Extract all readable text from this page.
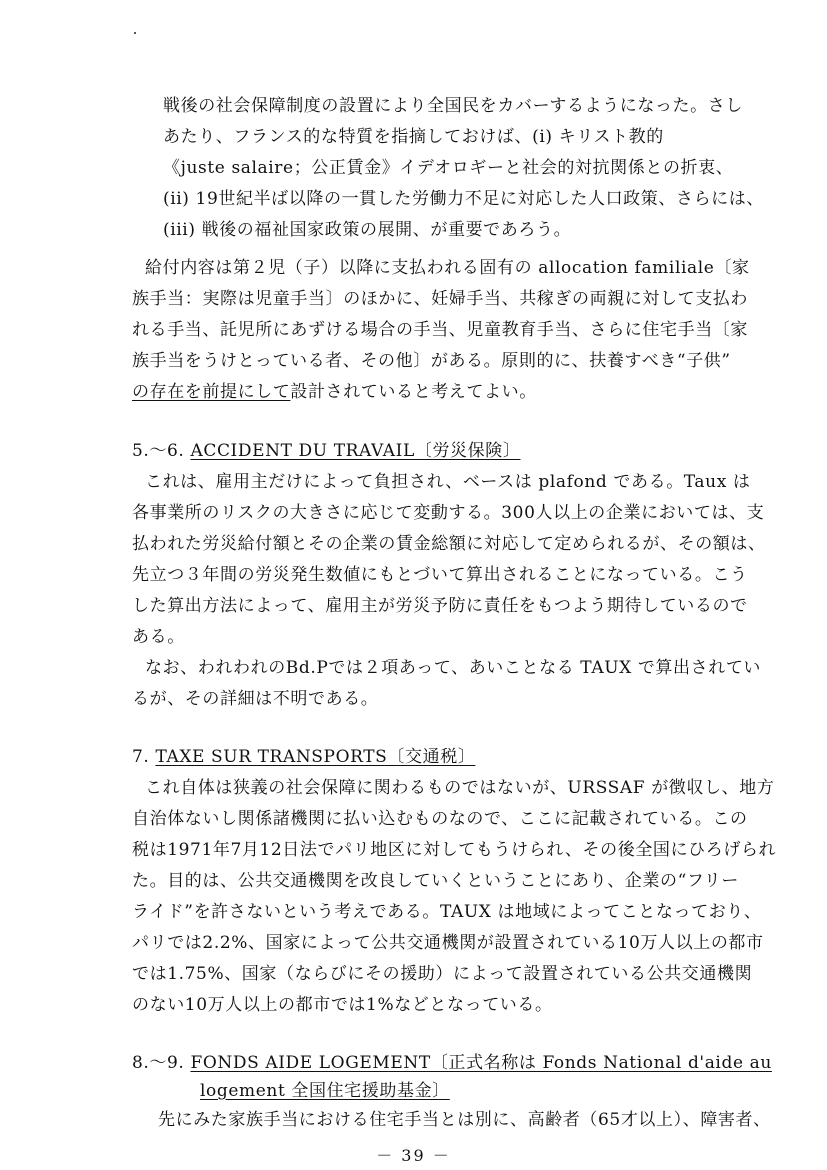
戦後の社会保障制度の設置により全国民をカバーするようになった。さし
あたり、フランス的な特質を指摘しておけば、(i) キリスト教的
《juste salaire；公正賃金》イデオロギーと社会的対抗関係との折衷、
(ii) 19世紀半ば以降の一貫した労働力不足に対応した人口政策、さらには、
(iii) 戦後の福祉国家政策の展開、が重要であろう。
給付内容は第２児（子）以降に支払われる固有の allocation familiale〔家
族手当：実際は児童手当〕のほかに、妊婦手当、共稼ぎの両親に対して支払わ
れる手当、託児所にあずける場合の手当、児童教育手当、さらに住宅手当〔家
族手当をうけとっている者、その他〕がある。原則的に、扶養すべき“子供”
の存在を前提にして設計されていると考えてよい。
5.～6. ACCIDENT DU TRAVAIL〔労災保険〕
これは、雇用主だけによって負担され、ベースは plafond である。Taux は
各事業所のリスクの大きさに応じて変動する。300人以上の企業においては、支
払われた労災給付額とその企業の賃金総額に対応して定められるが、その額は、
先立つ３年間の労災発生数値にもとづいて算出されることになっている。こう
した算出方法によって、雇用主が労災予防に責任をもつよう期待しているので
ある。
なお、われわれのBd.Pでは２項あって、あいことなる TAUX で算出されてい
るが、その詳細は不明である。
7. TAXE SUR TRANSPORTS〔交通税〕
これ自体は狭義の社会保障に関わるものではないが、URSSAF が徴収し、地方
自治体ないし関係諸機関に払い込むものなので、ここに記載されている。この
税は1971年7月12日法でパリ地区に対してもうけられ、その後全国にひろげられ
た。目的は、公共交通機関を改良していくということにあり、企業の“フリー
ライド”を許さないという考えである。TAUX は地域によってことなっており、
パリでは2.2%、国家によって公共交通機関が設置されている10万人以上の都市
では1.75%、国家（ならびにその援助）によって設置されている公共交通機関
のない10万人以上の都市では1%などとなっている。
8.～9. FONDS AIDE LOGEMENT〔正式名称は Fonds National d'aide au
logement 全国住宅援助基金〕
先にみた家族手当における住宅手当とは別に、高齢者（65才以上）、障害者、
－ 39 －
